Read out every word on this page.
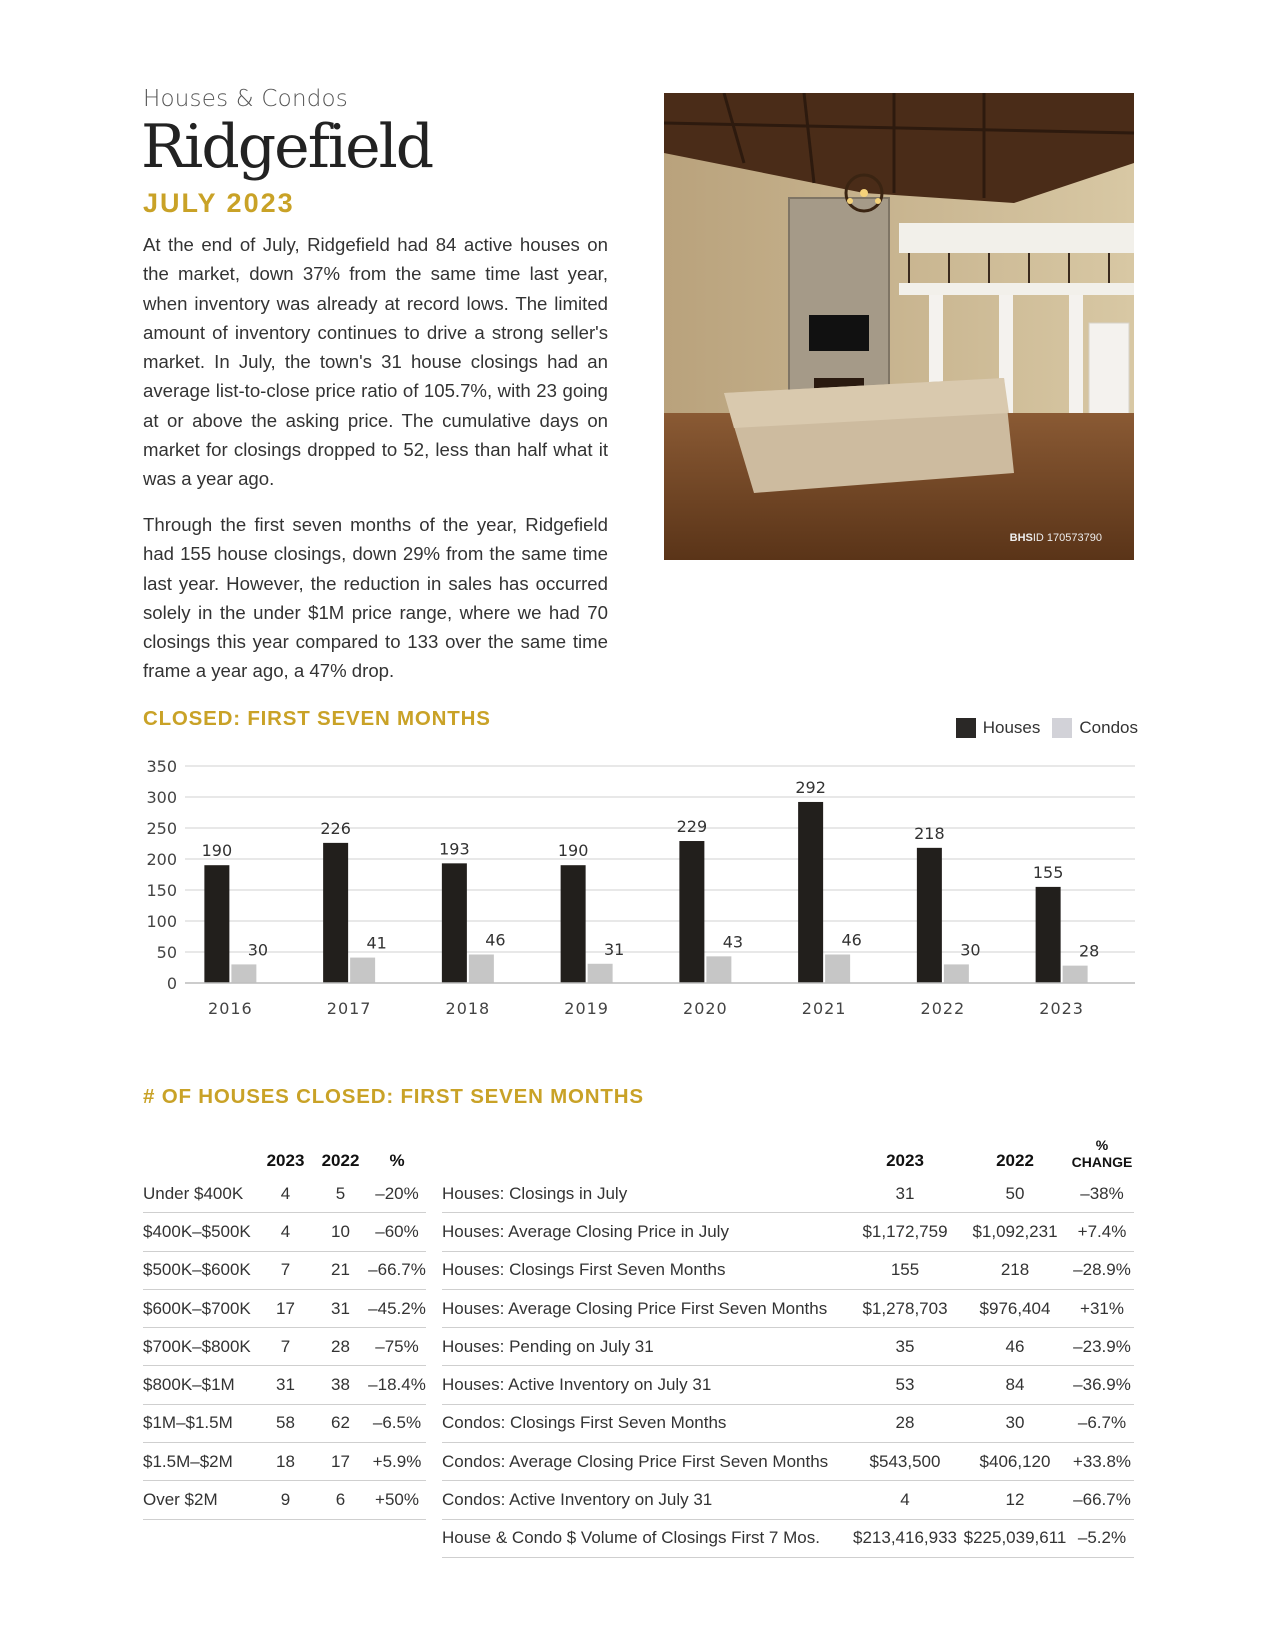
Houses & Condos
Ridgefield
JULY 2023
At the end of July, Ridgefield had 84 active houses on the market, down 37% from the same time last year, when inventory was already at record lows. The limited amount of inventory continues to drive a strong seller's market. In July, the town's 31 house closings had an average list-to-close price ratio of 105.7%, with 23 going at or above the asking price. The cumulative days on market for closings dropped to 52, less than half what it was a year ago.
Through the first seven months of the year, Ridgefield had 155 house closings, down 29% from the same time last year. However, the reduction in sales has occurred solely in the under $1M price range, where we had 70 closings this year compared to 133 over the same time frame a year ago, a 47% drop.
BHSID 170573790
CLOSED: FIRST SEVEN MONTHS	Houses Condos
0
50
100
150
200
250
300
350
190
30
226
41
193
46
190
31
229
43
292
46
218
30
155
28
2016	2017	2018	2019	2020	2021	2022	2023
# OF HOUSES CLOSED: FIRST SEVEN MONTHS
	2023	2022	%
Under $400K	4	5	–20%
$400K–$500K	4	10	–60%
$500K–$600K	7	21	–66.7%
$600K–$700K	17	31	–45.2%
$700K–$800K	7	28	–75%
$800K–$1M	31	38	–18.4%
$1M–$1.5M	58	62	–6.5%
$1.5M–$2M	18	17	+5.9%
Over $2M	9	6	+50%
	2023	2022	%
CHANGE
Houses: Closings in July	31	50	–38%
Houses: Average Closing Price in July	$1,172,759	$1,092,231	+7.4%
Houses: Closings First Seven Months	155	218	–28.9%
Houses: Average Closing Price First Seven Months	$1,278,703	$976,404	+31%
Houses: Pending on July 31	35	46	–23.9%
Houses: Active Inventory on July 31	53	84	–36.9%
Condos: Closings First Seven Months	28	30	–6.7%
Condos: Average Closing Price First Seven Months	$543,500	$406,120	+33.8%
Condos: Active Inventory on July 31	4	12	–66.7%
House & Condo $ Volume of Closings First 7 Mos.	$213,416,933	$225,039,611	–5.2%
